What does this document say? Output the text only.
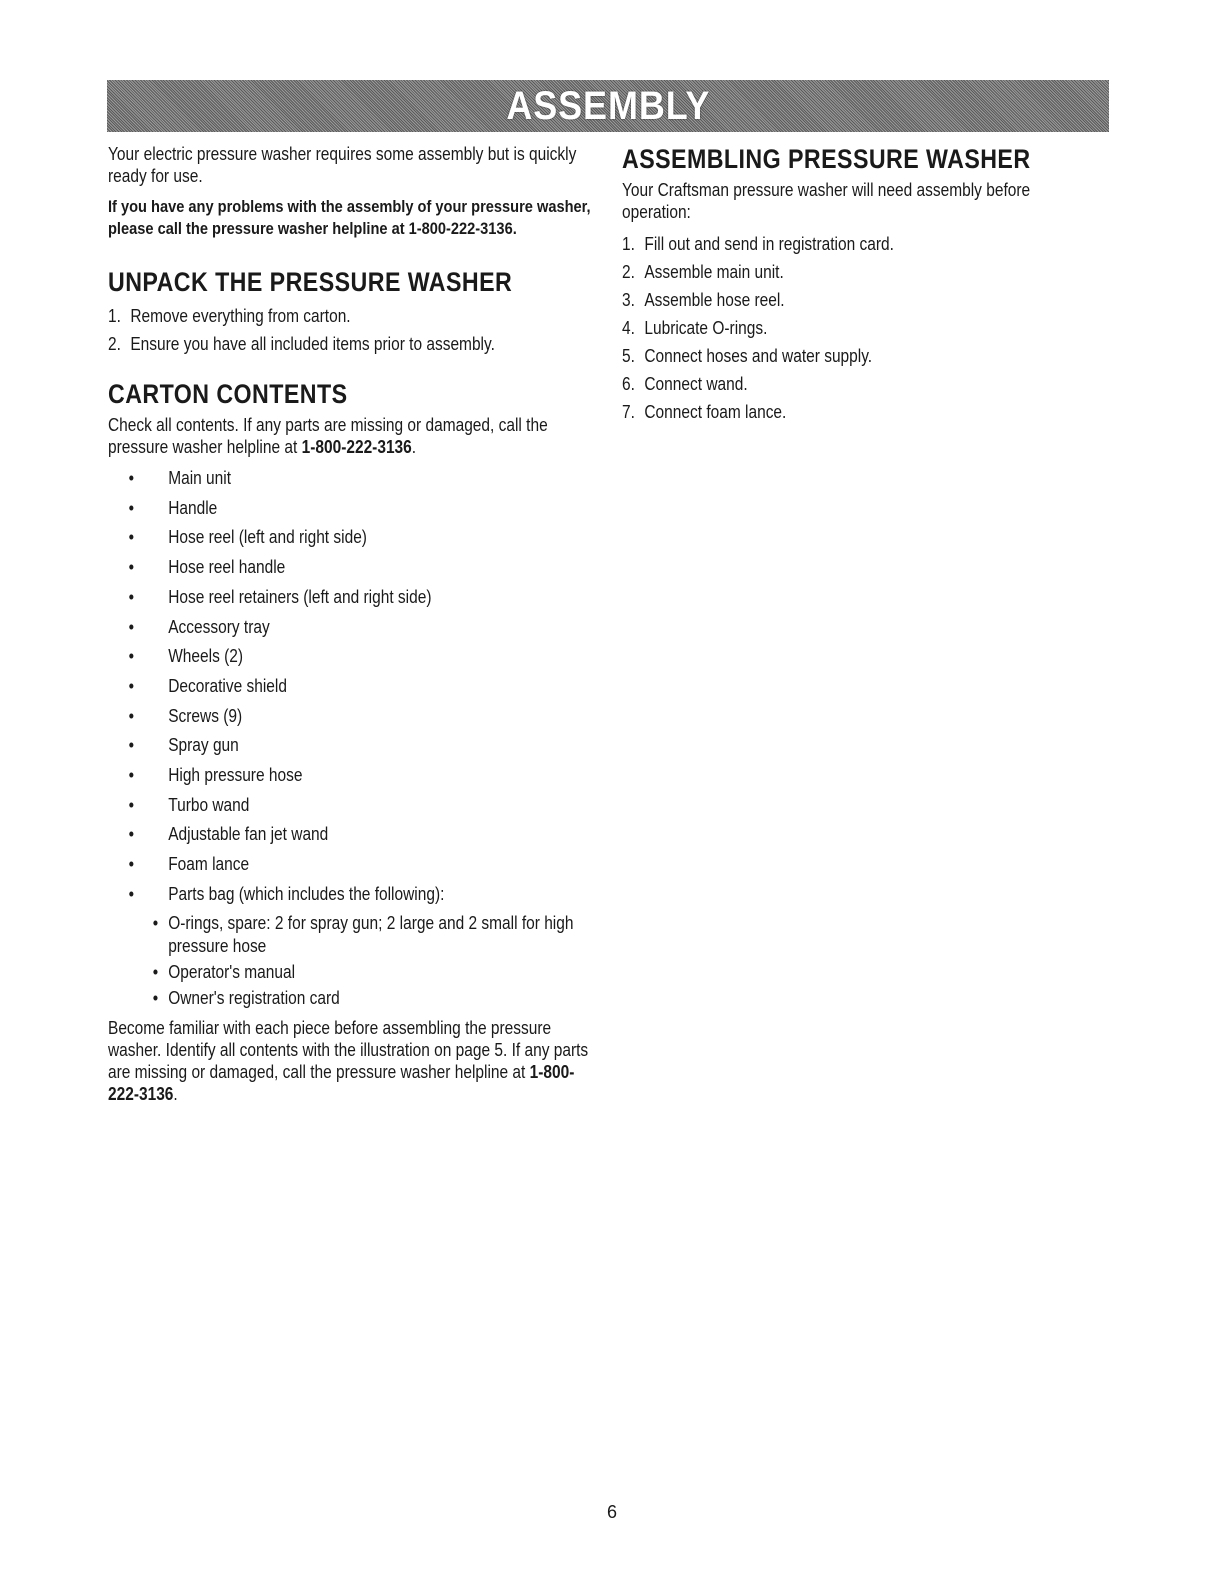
ASSEMBLY

Your electric pressure washer requires some assembly but is quickly ready for use.

If you have any problems with the assembly of your pressure washer, please call the pressure washer helpline at 1-800-222-3136.

UNPACK THE PRESSURE WASHER
1. Remove everything from carton.
2. Ensure you have all included items prior to assembly.
CARTON CONTENTS

Check all contents. If any parts are missing or damaged, call the pressure washer helpline at 1-800-222-3136.

•	Main unit
•	Handle
•	Hose reel (left and right side)
•	Hose reel handle
•	Hose reel retainers (left and right side)
•	Accessory tray
•	Wheels (2)
•	Decorative shield
•	Screws (9)
•	Spray gun
•	High pressure hose
•	Turbo wand
•	Adjustable fan jet wand
•	Foam lance
•	Parts bag (which includes the following):
• O-rings, spare: 2 for spray gun; 2 large and 2 small for high pressure hose
• Operator's manual
• Owner's registration card

Become familiar with each piece before assembling the pressure washer. Identify all contents with the illustration on page 5. If any parts are missing or damaged, call the pressure washer helpline at 1-800-222-3136.

ASSEMBLING PRESSURE WASHER

Your Craftsman pressure washer will need assembly before operation:

1. Fill out and send in registration card.
2. Assemble main unit.
3. Assemble hose reel.
4. Lubricate O-rings.
5. Connect hoses and water supply.
6. Connect wand.
7. Connect foam lance.
6
